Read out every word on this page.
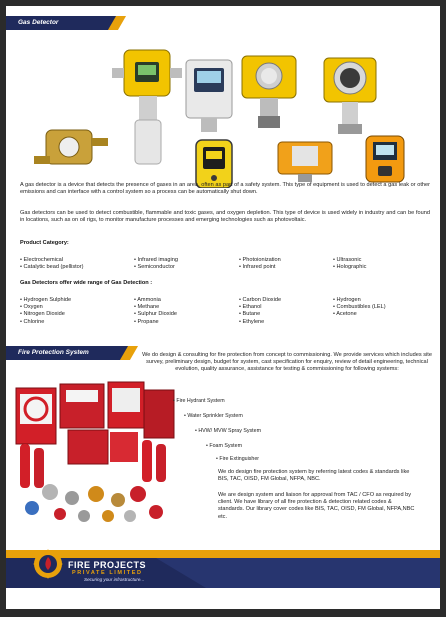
Gas Detector
A gas detector is a device that detects the presence of gases in an area, often as part of a safety system. This type of equipment is used to detect a gas leak or other emissions and can interface with a control system so a process can be automatically shut down.
Gas detectors can be used to detect combustible, flammable and toxic gases, and oxygen depletion. This type of device is used widely in industry and can be found in locations, such as on oil rigs, to monitor manufacture processes and emerging technologies such as photovoltaic.
Product Category:
• Electrochemical
• Catalytic bead (pellistor)
• Infrared imaging
• Semiconductor
• Photoionization
• Infrared point
• Ultrasonic
• Holographic
Gas Detectors offer wide range of Gas Detection :
• Hydrogen Sulphide
• Oxygen
• Nitrogen Dioxide
• Chlorine
• Ammonia
• Methane
• Sulphur Dioxide
• Propane
• Carbon Dioxide
• Ethanol
• Butane
• Ethylene
• Hydrogen
• Combustibles (LEL)
• Acetone
Fire Protection System	We do design & consulting for fire protection from concept to commissioning. We provide services which includes site survey, preliminary design, budget for system, cast specification for enquiry, review of detail engineering, technical evolution, quality assurance, assistance for testing & commissioning for following systems:
• Fire Hydrant System
• Water Sprinkler System
• HVW/ MVW Spray System
• Foam System
• Fire Extinguisher
We do design fire protection system by referring latest codes & standards like BIS, TAC, OISD, FM Global, NFPA, NBC.
We are design system and liaison for approval from TAC / CFO as required by client. We have library of all fire protection & detection related codes & standards. Our library cover codes like BIS, TAC, OISD, FM Global, NFPA,NBC etc.
FIRE PROJECTS
PRIVATE LIMITED
Securing your infrastructure...
